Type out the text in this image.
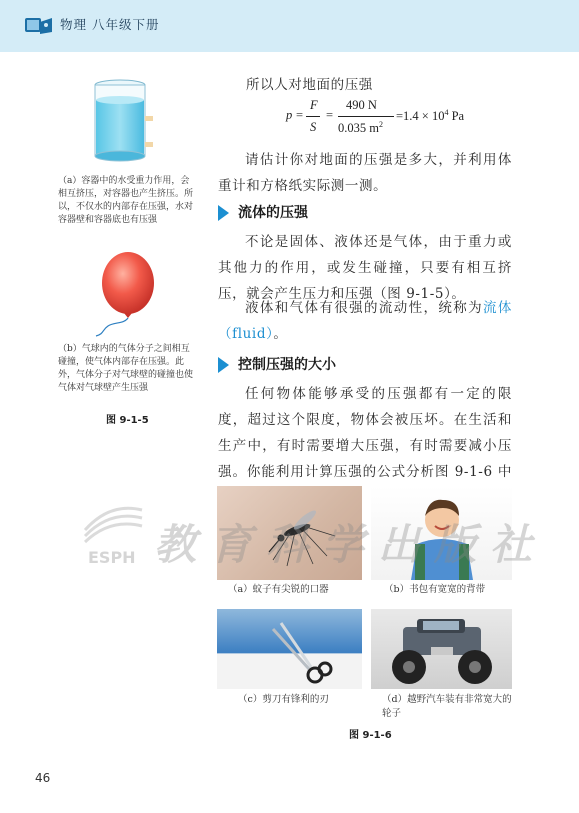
物理 八年级下册
（a）容器中的水受重力作用，会相互挤压，对容器也产生挤压。所以，不仅水的内部存在压强，水对容器壁和容器底也有压强
（b）气球内的气体分子之间相互碰撞，使气体内部存在压强。此外，气体分子对气球壁的碰撞也使气体对气球壁产生压强
图 9-1-5
所以人对地面的压强
p =
F
S
=
490 N
0.035 $m^2$
$=1.4 \times 10^4$ Pa
请估计你对地面的压强是多大，并利用体重计和方格纸实际测一测。
流体的压强
不论是固体、液体还是气体，由于重力或其他力的作用，或发生碰撞，只要有相互挤压，就会产生压力和压强（图 9-1-5）。
液体和气体有很强的流动性，统称为流体（fluid）。
控制压强的大小
任何物体能够承受的压强都有一定的限度，超过这个限度，物体会被压坏。在生活和生产中，有时需要增大压强，有时需要减小压强。你能利用计算压强的公式分析图 9-1-6 中
（a）蚊子有尖锐的口器	（b）书包有宽宽的背带
（c）剪刀有锋利的刃	（d）越野汽车装有非常宽大的轮子
图 9-1-6
ESPH 教育科学出版社
46
